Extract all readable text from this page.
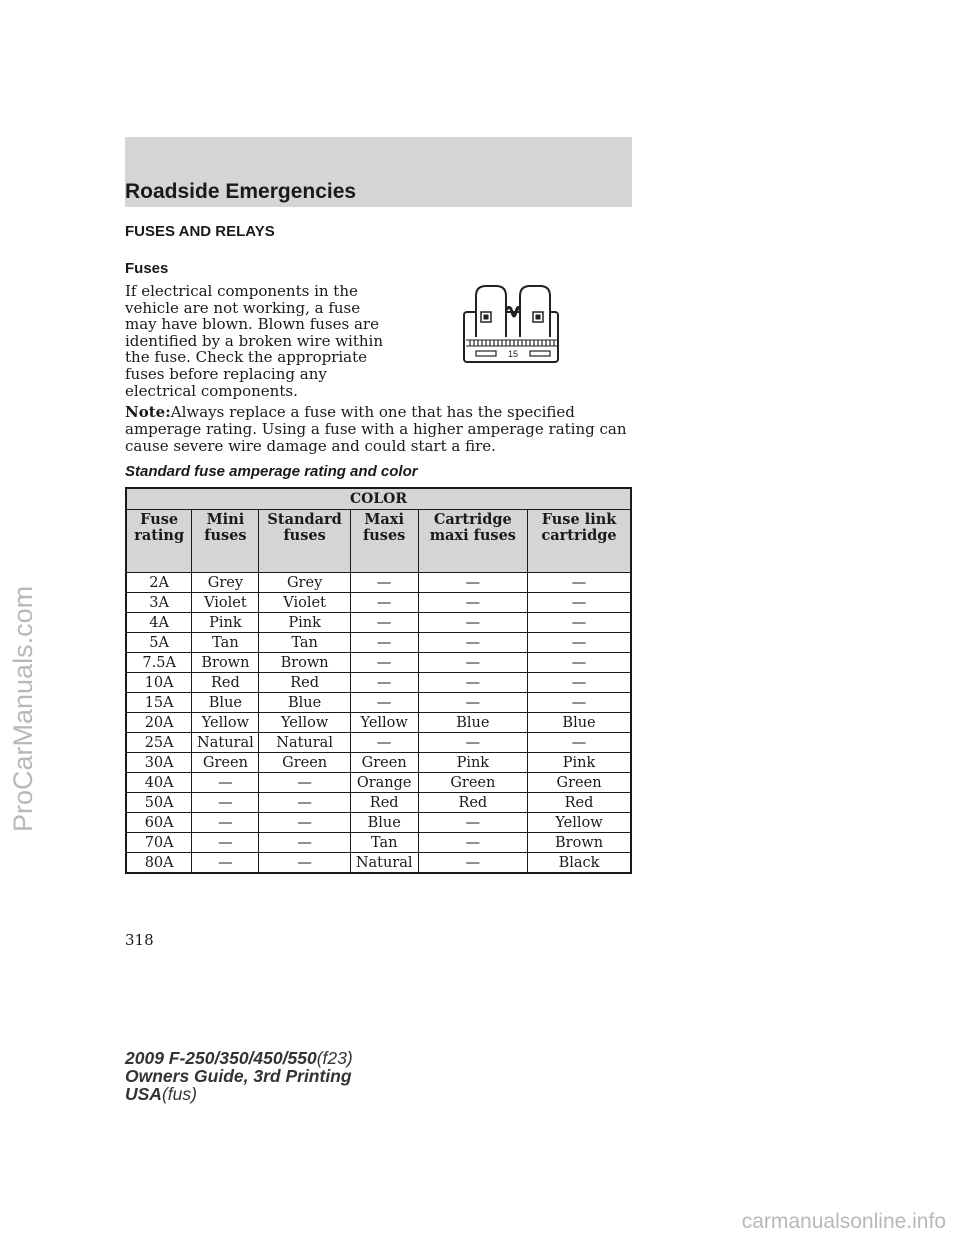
Roadside Emergencies
FUSES AND RELAYS
Fuses
If electrical components in the vehicle are not working, a fuse may have blown. Blown fuses are identified by a broken wire within the fuse. Check the appropriate fuses before replacing any electrical components.
15
Note:Always replace a fuse with one that has the specified amperage rating. Using a fuse with a higher amperage rating can cause severe wire damage and could start a fire.
Standard fuse amperage rating and color
COLOR					
Fuse rating	Mini fuses	Standard fuses	Maxi fuses	Cartridge maxi fuses	Fuse link cartridge
2A	Grey	Grey	—	—	—
3A	Violet	Violet	—	—	—
4A	Pink	Pink	—	—	—
5A	Tan	Tan	—	—	—
7.5A	Brown	Brown	—	—	—
10A	Red	Red	—	—	—
15A	Blue	Blue	—	—	—
20A	Yellow	Yellow	Yellow	Blue	Blue
25A	Natural	Natural	—	—	—
30A	Green	Green	Green	Pink	Pink
40A	—	—	Orange	Green	Green
50A	—	—	Red	Red	Red
60A	—	—	Blue	—	Yellow
70A	—	—	Tan	—	Brown
80A	—	—	Natural	—	Black
318
2009 F-250/350/450/550(f23)
Owners Guide, 3rd Printing
USA(fus)
ProCarManuals.com
carmanualsonline.info
